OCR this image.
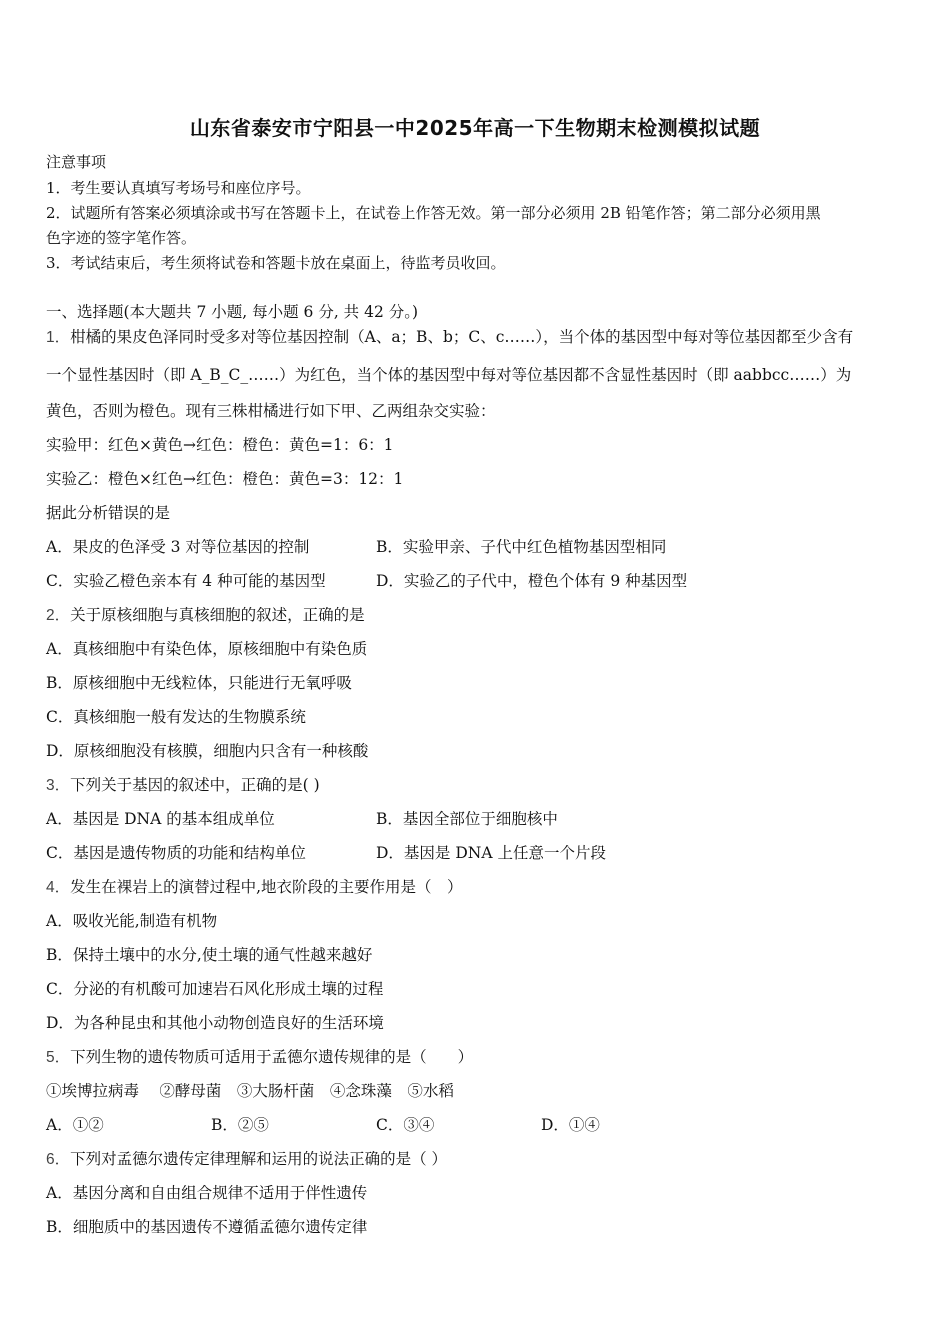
山东省泰安市宁阳县一中2025年高一下生物期末检测模拟试题
注意事项
1．考生要认真填写考场号和座位序号。
2．试题所有答案必须填涂或书写在答题卡上，在试卷上作答无效。第一部分必须用 2B 铅笔作答；第二部分必须用黑
色字迹的签字笔作答。
3．考试结束后，考生须将试卷和答题卡放在桌面上，待监考员收回。
一、选择题(本大题共 7 小题, 每小题 6 分, 共 42 分。)
1．柑橘的果皮色泽同时受多对等位基因控制（A、a；B、b；C、c……），当个体的基因型中每对等位基因都至少含有
一个显性基因时（即 A_B_C_……）为红色，当个体的基因型中每对等位基因都不含显性基因时（即 aabbcc……）为
黄色，否则为橙色。现有三株柑橘进行如下甲、乙两组杂交实验：
实验甲：红色×黄色→红色：橙色：黄色=1：6：1
实验乙：橙色×红色→红色：橙色：黄色=3：12：1
据此分析错误的是
A．果皮的色泽受 3 对等位基因的控制	B．实验甲亲、子代中红色植物基因型相同
C．实验乙橙色亲本有 4 种可能的基因型	D．实验乙的子代中，橙色个体有 9 种基因型
2．关于原核细胞与真核细胞的叙述，正确的是
A．真核细胞中有染色体，原核细胞中有染色质
B．原核细胞中无线粒体，只能进行无氧呼吸
C．真核细胞一般有发达的生物膜系统
D．原核细胞没有核膜，细胞内只含有一种核酸
3．下列关于基因的叙述中，正确的是( )
A．基因是 DNA 的基本组成单位	B．基因全部位于细胞核中
C．基因是遗传物质的功能和结构单位	D．基因是 DNA 上任意一个片段
4．发生在裸岩上的演替过程中,地衣阶段的主要作用是（　）
A．吸收光能,制造有机物
B．保持土壤中的水分,使土壤的通气性越来越好
C．分泌的有机酸可加速岩石风化形成土壤的过程
D．为各种昆虫和其他小动物创造良好的生活环境
5．下列生物的遗传物质可适用于孟德尔遗传规律的是（　　）
①埃博拉病毒　 ②酵母菌　③大肠杆菌　④念珠藻　⑤水稻
A．①②	B．②⑤	C．③④	D．①④
6．下列对孟德尔遗传定律理解和运用的说法正确的是（ ）
A．基因分离和自由组合规律不适用于伴性遗传
B．细胞质中的基因遗传不遵循孟德尔遗传定律
